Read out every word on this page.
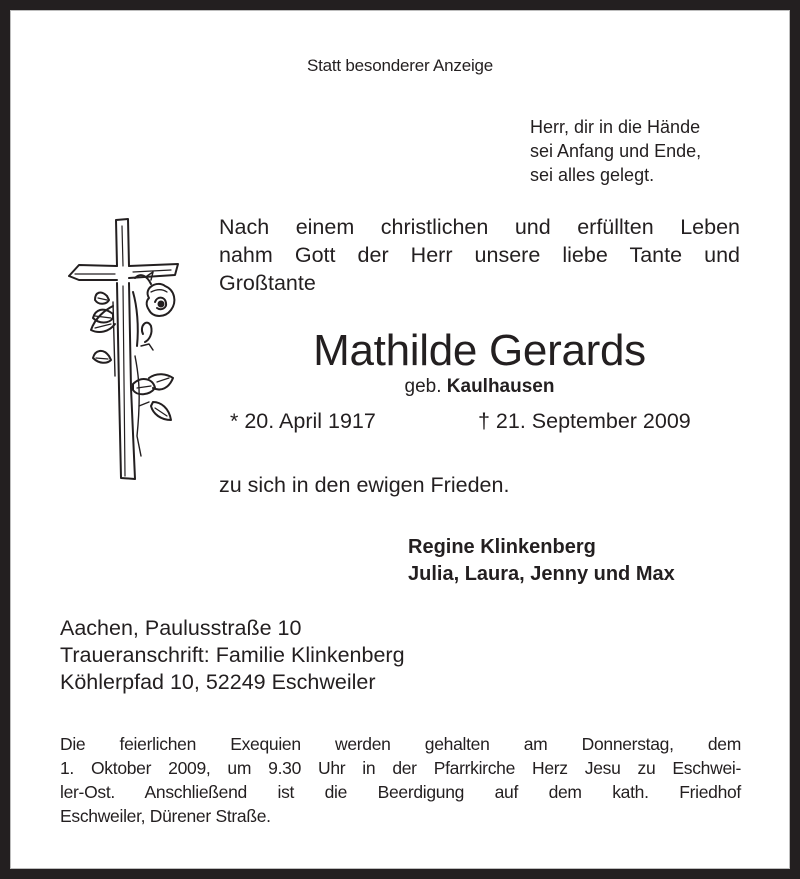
Statt besonderer Anzeige
Herr, dir in die Hände
sei Anfang und Ende,
sei alles gelegt.
Nach einem christlichen und erfüllten Leben
nahm Gott der Herr unsere liebe Tante und
Großtante
Mathilde Gerards
geb. Kaulhausen
* 20. April 1917	† 21. September 2009
zu sich in den ewigen Frieden.
Regine Klinkenberg
Julia, Laura, Jenny und Max
Aachen, Paulusstraße 10
Traueranschrift: Familie Klinkenberg
Köhlerpfad 10, 52249 Eschweiler
Die feierlichen Exequien werden gehalten am Donnerstag, dem
1. Oktober 2009, um 9.30 Uhr in der Pfarrkirche Herz Jesu zu Eschwei-
ler-Ost. Anschließend ist die Beerdigung auf dem kath. Friedhof
Eschweiler, Dürener Straße.
